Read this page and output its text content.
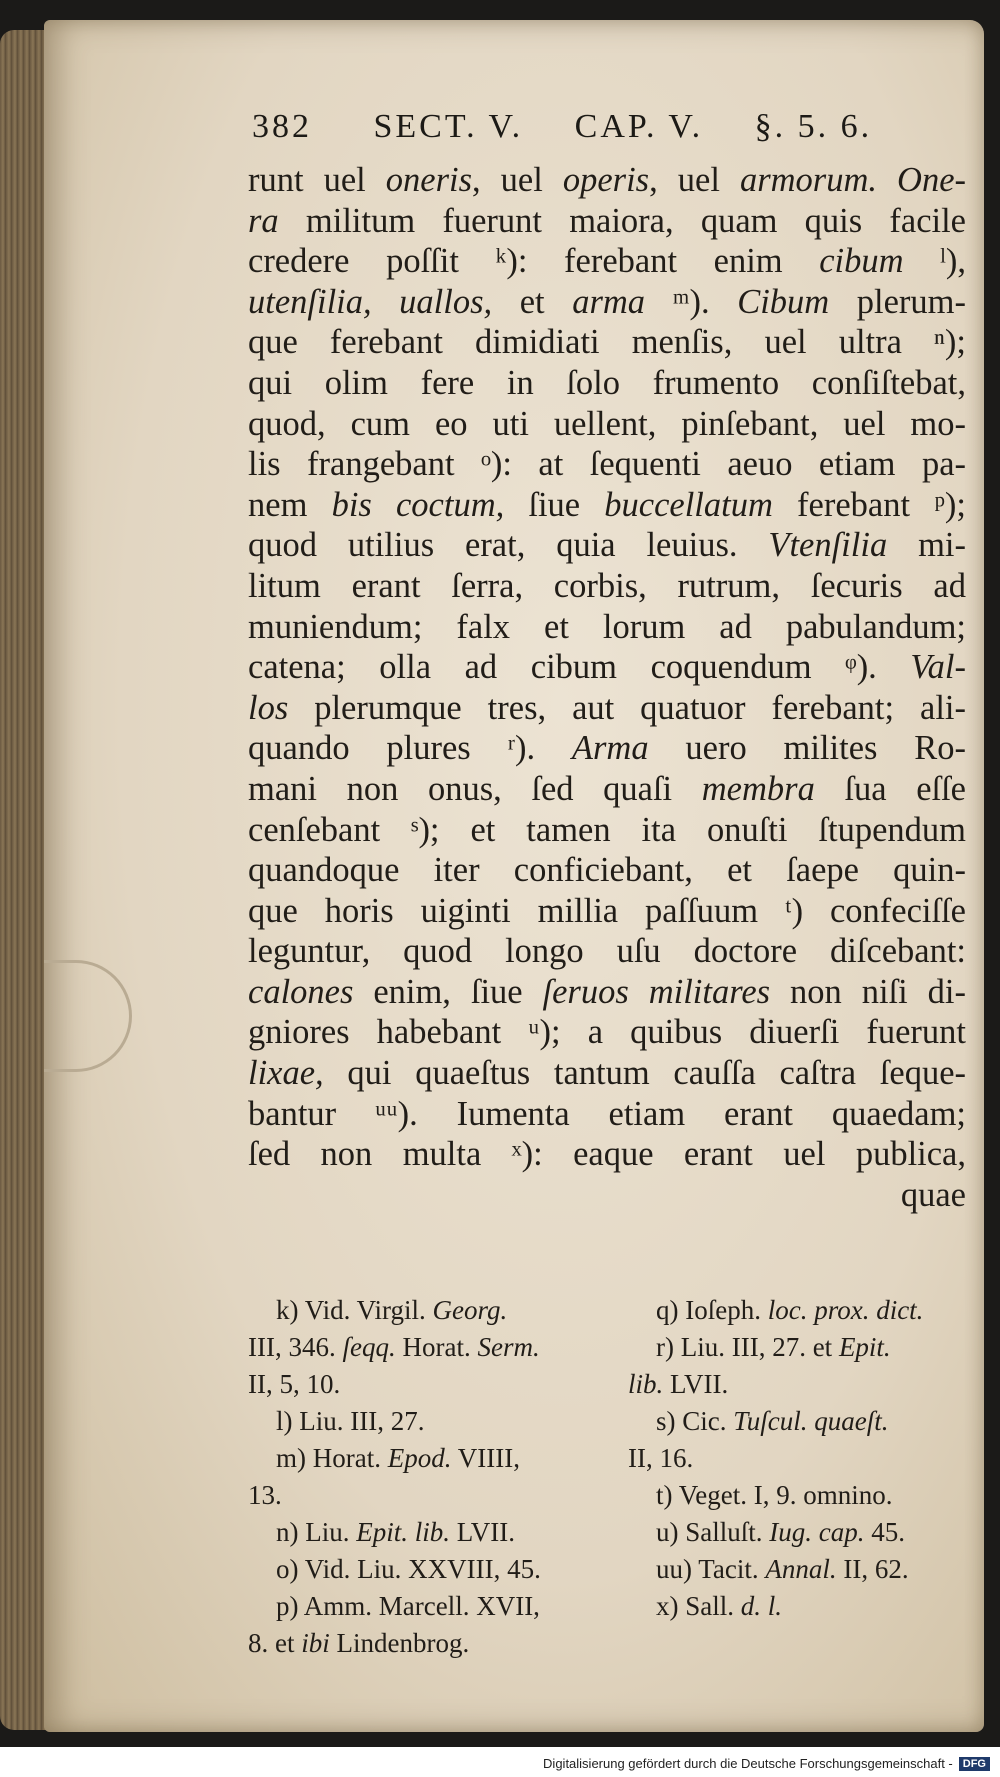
382 SECT. V. CAP. V. §. 5. 6.
runt uel oneris, uel operis, uel armorum. One-
ra militum fuerunt maiora, quam quis facile
credere poſſit ᵏ): ferebant enim cibum ˡ),
utenſilia, uallos, et arma ᵐ). Cibum plerum-
que ferebant dimidiati menſis, uel ultra ⁿ);
qui olim fere in ſolo frumento conſiſtebat,
quod, cum eo uti uellent, pinſebant, uel mo-
lis frangebant ᵒ): at ſequenti aeuo etiam pa-
nem bis coctum, ſiue buccellatum ferebant ᵖ);
quod utilius erat, quia leuius. Vtenſilia mi-
litum erant ſerra, corbis, rutrum, ſecuris ad
muniendum; falx et lorum ad pabulandum;
catena; olla ad cibum coquendum ᵠ). Val-
los plerumque tres, aut quatuor ferebant; ali-
quando plures ʳ). Arma uero milites Ro-
mani non onus, ſed quaſi membra ſua eſſe
cenſebant ˢ); et tamen ita onuſti ſtupendum
quandoque iter conficiebant, et ſaepe quin-
que horis uiginti millia paſſuum ᵗ) confeciſſe
leguntur, quod longo uſu doctore diſcebant:
calones enim, ſiue ſeruos militares non niſi di-
gniores habebant ᵘ); a quibus diuerſi fuerunt
lixae, qui quaeſtus tantum cauſſa caſtra ſeque-
bantur ᵘᵘ). Iumenta etiam erant quaedam;
ſed non multa ˣ): eaque erant uel publica,
quae
k) Vid. Virgil. Georg.
III, 346. ſeqq. Horat. Serm.
II, 5, 10.
l) Liu. III, 27.
m) Horat. Epod. VIIII,
13.
n) Liu. Epit. lib. LVII.
o) Vid. Liu. XXVIII, 45.
p) Amm. Marcell. XVII,
8. et ibi Lindenbrog.
q) Ioſeph. loc. prox. dict.
r) Liu. III, 27. et Epit.
lib. LVII.
s) Cic. Tuſcul. quaeſt.
II, 16.
t) Veget. I, 9. omnino.
u) Salluſt. Iug. cap. 45.
uu) Tacit. Annal. II, 62.
x) Sall. d. l.
Digitalisierung gefördert durch die Deutsche Forschungsgemeinschaft - DFG
